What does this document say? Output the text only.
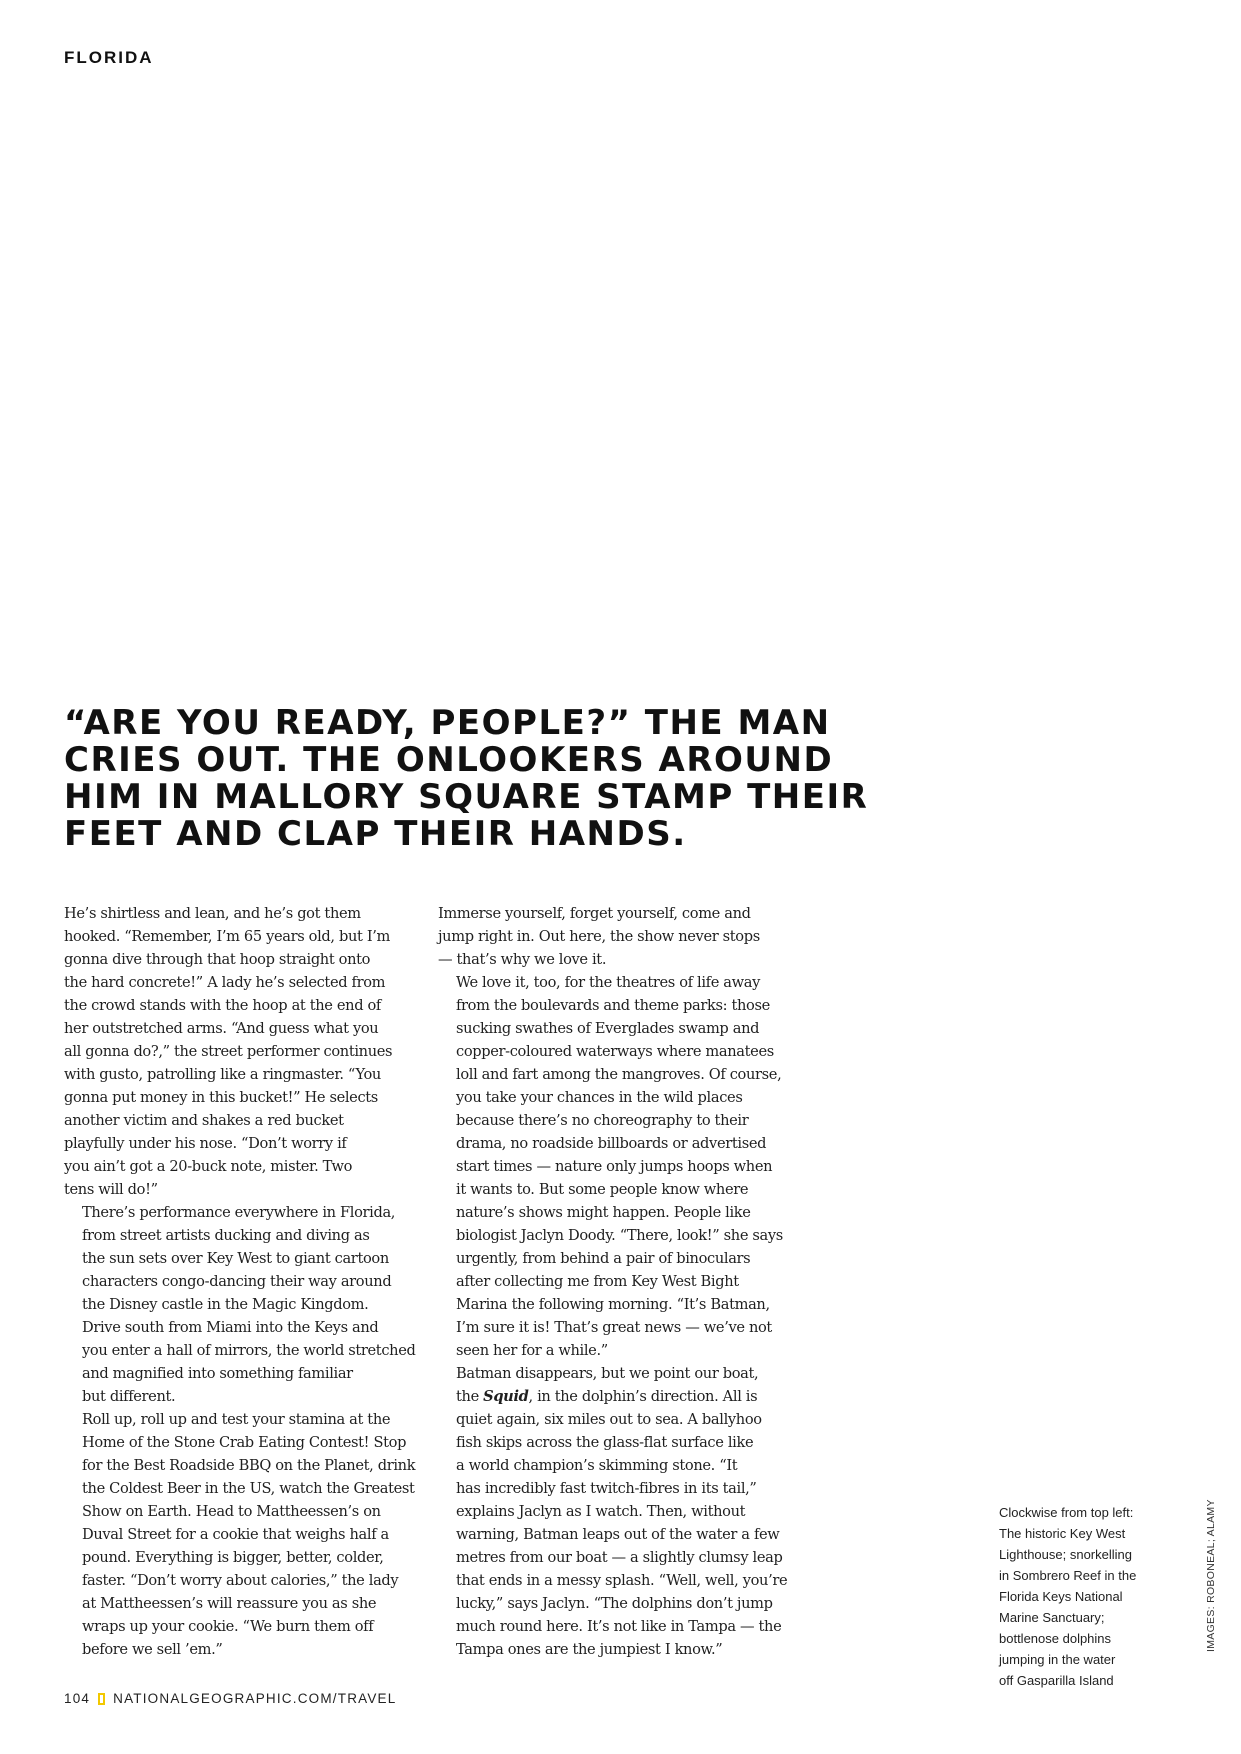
FLORIDA
“ARE YOU READY, PEOPLE?” THE MAN
CRIES OUT. THE ONLOOKERS AROUND
HIM IN MALLORY SQUARE STAMP THEIR
FEET AND CLAP THEIR HANDS.

He’s shirtless and lean, and he’s got them
hooked. “Remember, I’m 65 years old, but I’m
gonna dive through that hoop straight onto
the hard concrete!” A lady he’s selected from
the crowd stands with the hoop at the end of
her outstretched arms. “And guess what you
all gonna do?,” the street performer continues
with gusto, patrolling like a ringmaster. “You
gonna put money in this bucket!” He selects
another victim and shakes a red bucket
playfully under his nose. “Don’t worry if
you ain’t got a 20-buck note, mister. Two
tens will do!”

There’s performance everywhere in Florida,
from street artists ducking and diving as
the sun sets over Key West to giant cartoon
characters congo-dancing their way around
the Disney castle in the Magic Kingdom.
Drive south from Miami into the Keys and
you enter a hall of mirrors, the world stretched
and magnified into something familiar
but different.

Roll up, roll up and test your stamina at the
Home of the Stone Crab Eating Contest! Stop
for the Best Roadside BBQ on the Planet, drink
the Coldest Beer in the US, watch the Greatest
Show on Earth. Head to Mattheessen’s on
Duval Street for a cookie that weighs half a
pound. Everything is bigger, better, colder,
faster. “Don’t worry about calories,” the lady
at Mattheessen’s will reassure you as she
wraps up your cookie. “We burn them off
before we sell ’em.”

Immerse yourself, forget yourself, come and
jump right in. Out here, the show never stops
— that’s why we love it.

We love it, too, for the theatres of life away
from the boulevards and theme parks: those
sucking swathes of Everglades swamp and
copper-coloured waterways where manatees
loll and fart among the mangroves. Of course,
you take your chances in the wild places
because there’s no choreography to their
drama, no roadside billboards or advertised
start times — nature only jumps hoops when
it wants to. But some people know where
nature’s shows might happen. People like
biologist Jaclyn Doody. “There, look!” she says
urgently, from behind a pair of binoculars
after collecting me from Key West Bight
Marina the following morning. “It’s Batman,
I’m sure it is! That’s great news — we’ve not
seen her for a while.”

Batman disappears, but we point our boat,
the Squid, in the dolphin’s direction. All is
quiet again, six miles out to sea. A ballyhoo
fish skips across the glass-flat surface like
a world champion’s skimming stone. “It
has incredibly fast twitch-fibres in its tail,”
explains Jaclyn as I watch. Then, without
warning, Batman leaps out of the water a few
metres from our boat — a slightly clumsy leap
that ends in a messy splash. “Well, well, you’re
lucky,” says Jaclyn. “The dolphins don’t jump
much round here. It’s not like in Tampa — the
Tampa ones are the jumpiest I know.”

Clockwise from top left:
The historic Key West
Lighthouse; snorkelling
in Sombrero Reef in the
Florida Keys National
Marine Sanctuary;
bottlenose dolphins
jumping in the water
off Gasparilla Island
IMAGES: ROBONEAL; ALAMY
104 NATIONALGEOGRAPHIC.COM/TRAVEL
